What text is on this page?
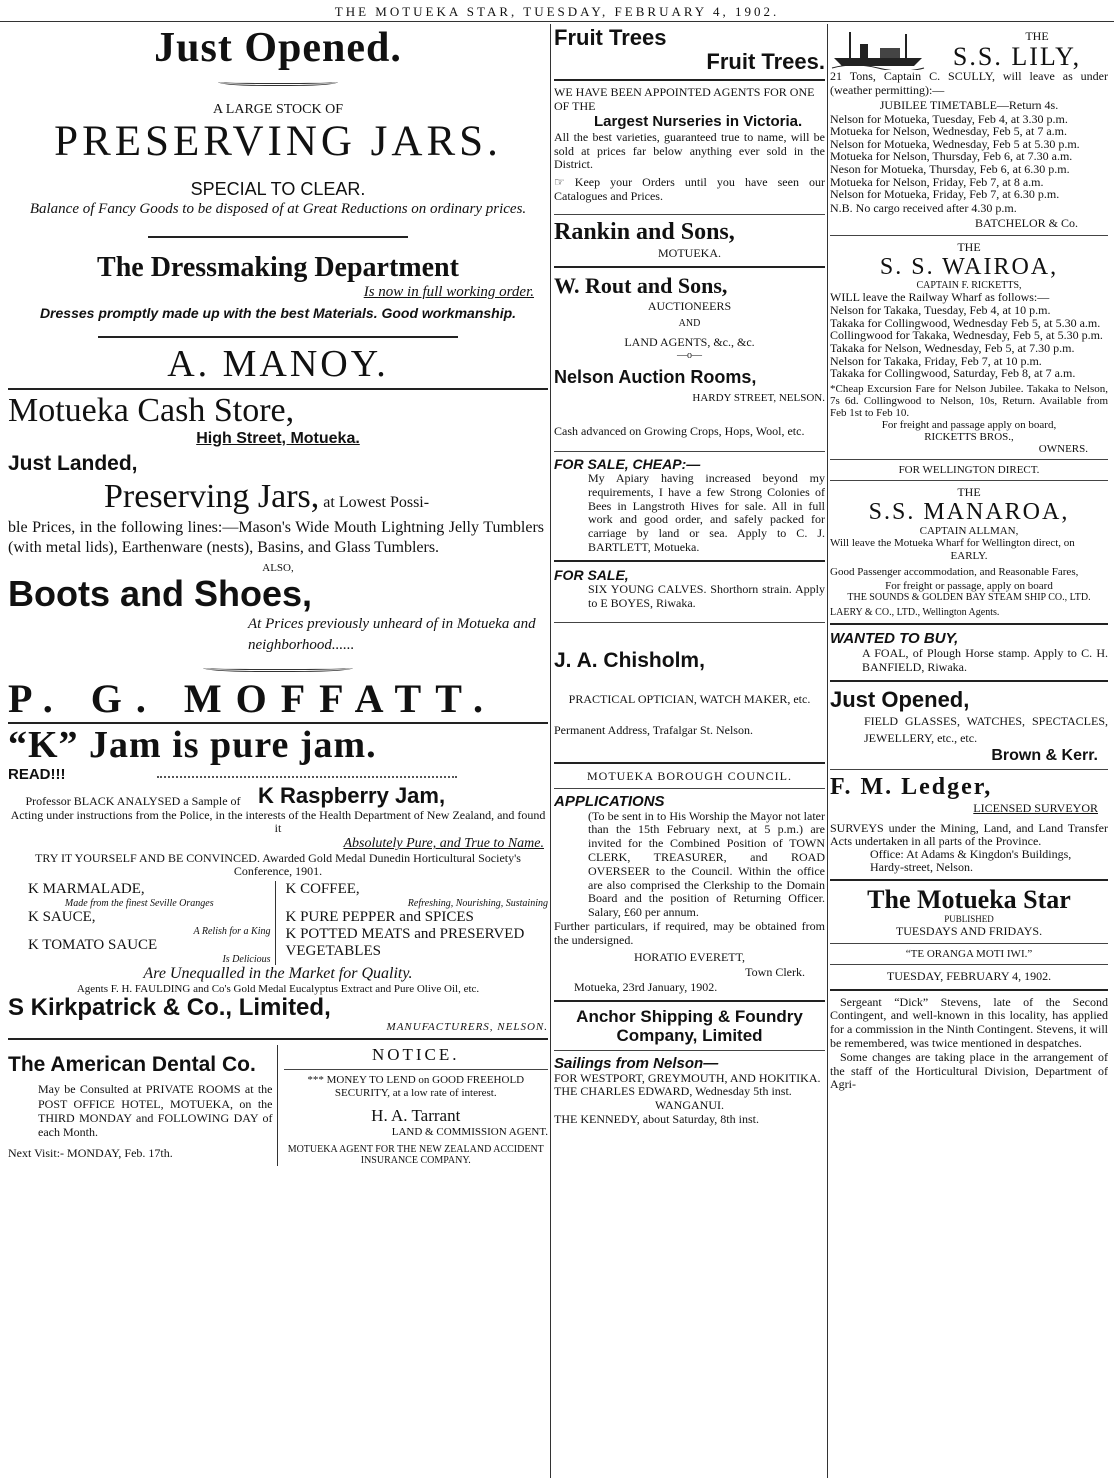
THE MOTUEKA STAR, TUESDAY, FEBRUARY 4, 1902.
Just Opened.
A LARGE STOCK OF
PRESERVING JARS.
SPECIAL TO CLEAR.
Balance of Fancy Goods to be disposed of at Great Reductions on ordinary prices.
The Dressmaking Department
Is now in full working order.
Dresses promptly made up with the best Materials. Good workmanship.
A. MANOY.
Motueka Cash Store,
High Street, Motueka.
Just Landed,
Preserving Jars, at Lowest Possi-
ble Prices, in the following lines:—Mason's Wide Mouth Lightning Jelly Tumblers (with metal lids), Earthenware (nests), Basins, and Glass Tumblers.
ALSO,
Boots and Shoes,
At Prices previously unheard of in Motueka and neighborhood......
P. G. MOFFATT.
“K” Jam is pure jam.
READ!!!
Professor BLACK ANALYSED a Sample of K Raspberry Jam,
Acting under instructions from the Police, in the interests of the Health Department of New Zealand, and found it
Absolutely Pure, and True to Name.
TRY IT YOURSELF AND BE CONVINCED. Awarded Gold Medal Dunedin Horticultural Society's Conference, 1901.
K MARMALADE,
Made from the finest Seville Oranges
K SAUCE,
A Relish for a King
K TOMATO SAUCE
Is Delicious
K COFFEE,
Refreshing, Nourishing, Sustaining
K PURE PEPPER and SPICES
K POTTED MEATS and PRESERVED VEGETABLES
Are Unequalled in the Market for Quality.
Agents F. H. FAULDING and Co's Gold Medal Eucalyptus Extract and Pure Olive Oil, etc.
S Kirkpatrick & Co., Limited,
MANUFACTURERS, NELSON.
The American Dental Co.
May be Consulted at PRIVATE ROOMS at the POST OFFICE HOTEL, MOTUEKA, on the THIRD MONDAY and FOLLOWING DAY of each Month.
Next Visit:- MONDAY, Feb. 17th.
NOTICE.
*** MONEY TO LEND on GOOD FREEHOLD SECURITY, at a low rate of interest.
H. A. Tarrant
LAND & COMMISSION AGENT.
MOTUEKA AGENT FOR THE NEW ZEALAND ACCIDENT INSURANCE COMPANY.
Fruit Trees
Fruit Trees.
WE HAVE BEEN APPOINTED AGENTS FOR ONE OF THE
Largest Nurseries in Victoria.
All the best varieties, guaranteed true to name, will be sold at prices far below anything ever sold in the District.
☞ Keep your Orders until you have seen our Catalogues and Prices.
Rankin and Sons,
MOTUEKA.
W. Rout and Sons,
AUCTIONEERS
AND
LAND AGENTS, &c., &c.
—o—
Nelson Auction Rooms,
HARDY STREET, NELSON.
Cash advanced on Growing Crops, Hops, Wool, etc.
FOR SALE, CHEAP:—
My Apiary having increased beyond my requirements, I have a few Strong Colonies of Bees in Langstroth Hives for sale. All in full work and good order, and safely packed for carriage by land or sea. Apply to C. J. BARTLETT, Motueka.
FOR SALE,
SIX YOUNG CALVES. Shorthorn strain. Apply to E BOYES, Riwaka.
J. A. Chisholm,
PRACTICAL OPTICIAN, WATCH MAKER, etc.
Permanent Address, Trafalgar St. Nelson.
MOTUEKA BOROUGH COUNCIL.
APPLICATIONS
(To be sent in to His Worship the Mayor not later than the 15th February next, at 5 p.m.) are invited for the Combined Position of TOWN CLERK, TREASURER, and ROAD OVERSEER to the Council. Within the office are also comprised the Clerkship to the Domain Board and the position of Returning Officer. Salary, £60 per annum.
Further particulars, if required, may be obtained from the undersigned.
HORATIO EVERETT,
Town Clerk.
Motueka, 23rd January, 1902.
Anchor Shipping & Foundry Company, Limited
Sailings from Nelson—
FOR WESTPORT, GREYMOUTH, AND HOKITIKA.
THE CHARLES EDWARD, Wednesday 5th inst.
WANGANUI.
THE KENNEDY, about Saturday, 8th inst.
THE
S.S. LILY,
21 Tons, Captain C. SCULLY, will leave as under (weather permitting):—
JUBILEE TIMETABLE—Return 4s.
Nelson for Motueka, Tuesday, Feb 4, at 3.30 p.m.
Motueka for Nelson, Wednesday, Feb 5, at 7 a.m.
Nelson for Motueka, Wednesday, Feb 5 at 5.30 p.m.
Motueka for Nelson, Thursday, Feb 6, at 7.30 a.m.
Neson for Motueka, Thursday, Feb 6, at 6.30 p.m.
Motueka for Nelson, Friday, Feb 7, at 8 a.m.
Nelson for Motueka, Friday, Feb 7, at 6.30 p.m.
N.B. No cargo received after 4.30 p.m.
BATCHELOR & Co.
THE
S. S. WAIROA,
CAPTAIN F. RICKETTS,
WILL leave the Railway Wharf as follows:—
Nelson for Takaka, Tuesday, Feb 4, at 10 p.m.
Takaka for Collingwood, Wednesday Feb 5, at 5.30 a.m.
Collingwood for Takaka, Wednesday, Feb 5, at 5.30 p.m.
Takaka for Nelson, Wednesday, Feb 5, at 7.30 p.m.
Nelson for Takaka, Friday, Feb 7, at 10 p.m.
Takaka for Collingwood, Saturday, Feb 8, at 7 a.m.
*Cheap Excursion Fare for Nelson Jubilee. Takaka to Nelson, 7s 6d. Collingwood to Nelson, 10s, Return. Available from Feb 1st to Feb 10.
For freight and passage apply on board,
RICKETTS BROS.,
OWNERS.
FOR WELLINGTON DIRECT.
THE
S.S. MANAROA,
CAPTAIN ALLMAN,
Will leave the Motueka Wharf for Wellington direct, on
EARLY.
Good Passenger accommodation, and Reasonable Fares,
For freight or passage, apply on board
THE SOUNDS & GOLDEN BAY STEAM SHIP CO., LTD.
LAERY & CO., LTD., Wellington Agents.
WANTED TO BUY,
A FOAL, of Plough Horse stamp. Apply to C. H. BANFIELD, Riwaka.
Just Opened,
FIELD GLASSES, WATCHES, SPECTACLES, JEWELLERY, etc., etc.
Brown & Kerr.
F. M. Ledger,
LICENSED SURVEYOR
SURVEYS under the Mining, Land, and Land Transfer Acts undertaken in all parts of the Province.
Office: At Adams & Kingdon's Buildings, Hardy-street, Nelson.
The Motueka Star
PUBLISHED
TUESDAYS AND FRIDAYS.
“TE ORANGA MOTI IWI.”
TUESDAY, FEBRUARY 4, 1902.
Sergeant “Dick” Stevens, late of the Second Contingent, and well-known in this locality, has applied for a commission in the Ninth Contingent. Stevens, it will be remembered, was twice mentioned in despatches.
Some changes are taking place in the arrangement of the staff of the Horticultural Division, Department of Agri-
